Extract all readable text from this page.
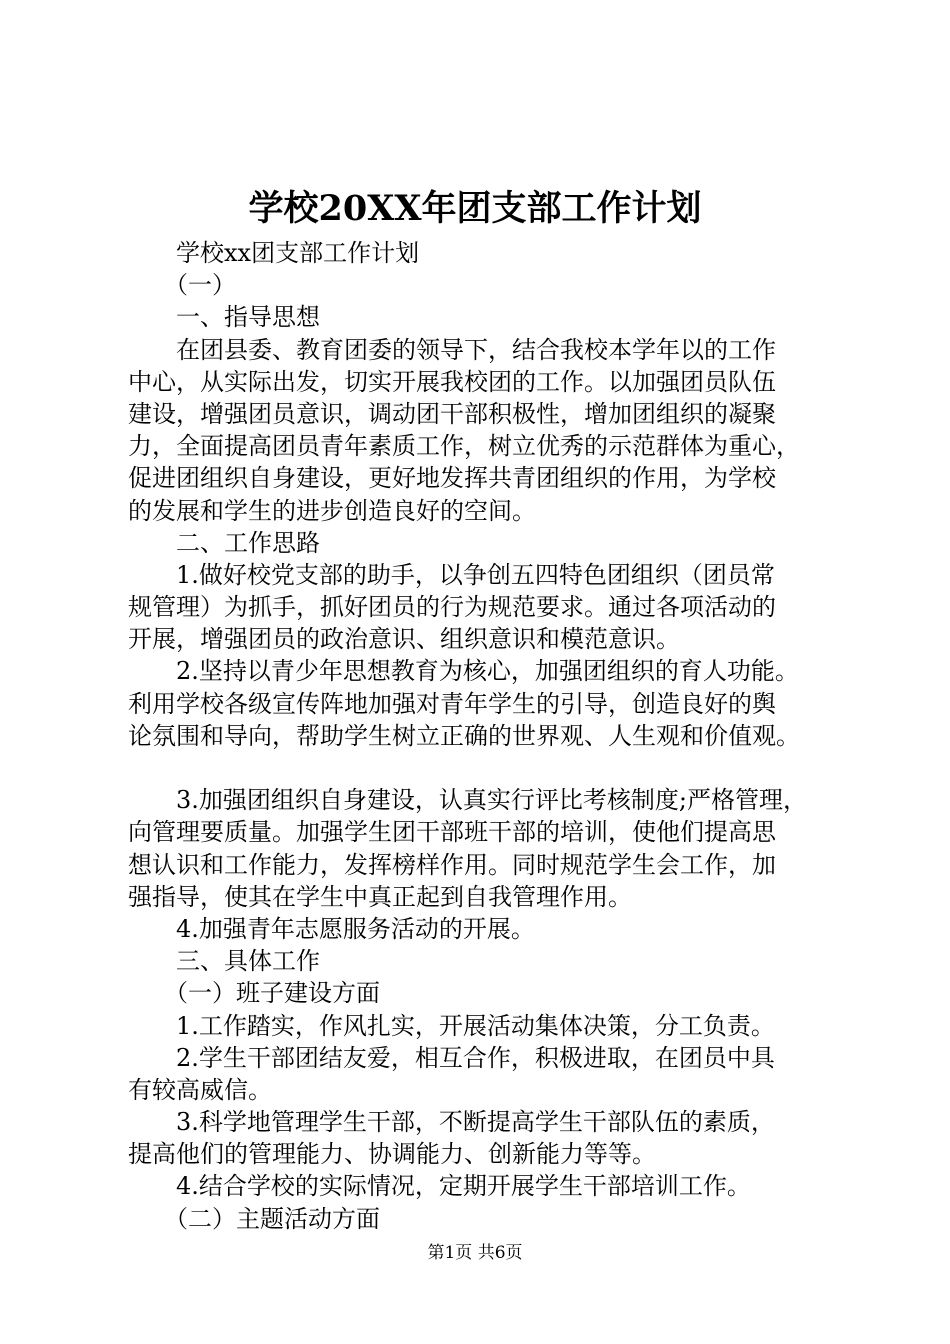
学校20XX年团支部工作计划
　　学校xx团支部工作计划
　　（一）
　　一、指导思想
　　在团县委、教育团委的领导下，结合我校本学年以的工作
中心，从实际出发，切实开展我校团的工作。以加强团员队伍
建设，增强团员意识，调动团干部积极性，增加团组织的凝聚
力，全面提高团员青年素质工作，树立优秀的示范群体为重心，
促进团组织自身建设，更好地发挥共青团组织的作用，为学校
的发展和学生的进步创造良好的空间。
　　二、工作思路
　　1.做好校党支部的助手，以争创五四特色团组织（团员常
规管理）为抓手，抓好团员的行为规范要求。通过各项活动的
开展，增强团员的政治意识、组织意识和模范意识。
　　2.坚持以青少年思想教育为核心，加强团组织的育人功能。
利用学校各级宣传阵地加强对青年学生的引导，创造良好的舆
论氛围和导向，帮助学生树立正确的世界观、人生观和价值观。
　　3.加强团组织自身建设，认真实行评比考核制度;严格管理，
向管理要质量。加强学生团干部班干部的培训，使他们提高思
想认识和工作能力，发挥榜样作用。同时规范学生会工作，加
强指导，使其在学生中真正起到自我管理作用。
　　4.加强青年志愿服务活动的开展。
　　三、具体工作
　　（一）班子建设方面
　　1.工作踏实，作风扎实，开展活动集体决策，分工负责。
　　2.学生干部团结友爱，相互合作，积极进取，在团员中具
有较高威信。
　　3.科学地管理学生干部，不断提高学生干部队伍的素质，
提高他们的管理能力、协调能力、创新能力等等。
　　4.结合学校的实际情况，定期开展学生干部培训工作。
　　（二）主题活动方面
第1页 共6页
